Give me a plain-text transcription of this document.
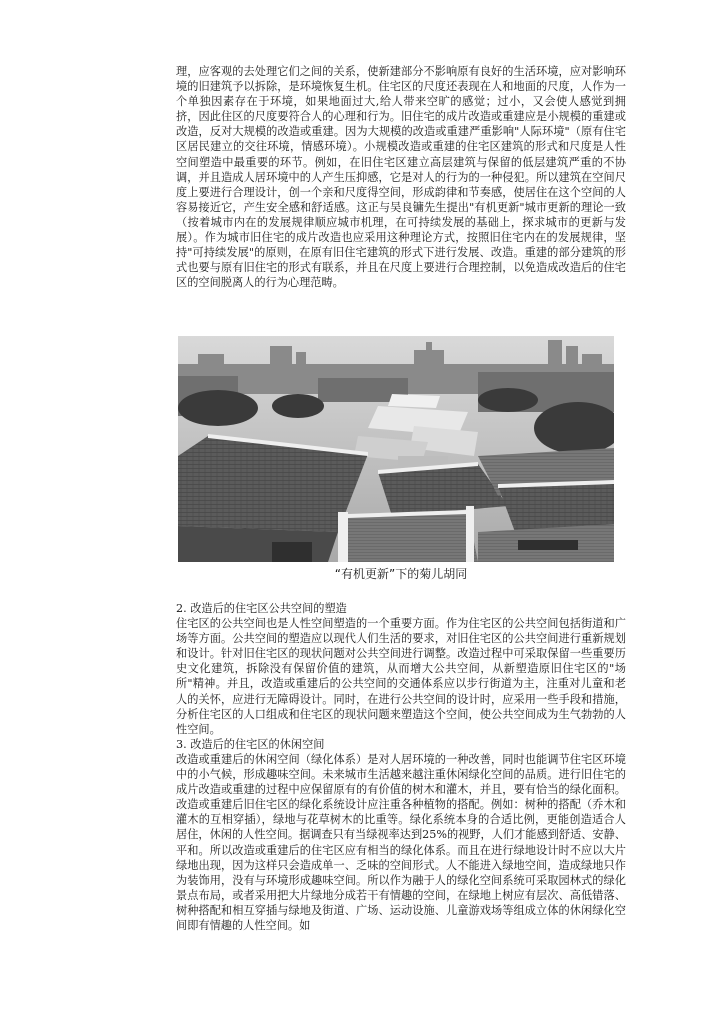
理，应客观的去处理它们之间的关系，使新建部分不影响原有良好的生活环境，应对影响环境的旧建筑予以拆除，是环境恢复生机。住宅区的尺度还表现在人和地面的尺度，人作为一个单独因素存在于环境，如果地面过大,给人带来空旷的感觉；过小，又会使人感觉到拥挤，因此住区的尺度要符合人的心理和行为。旧住宅的成片改造或重建应是小规模的重建或改造，反对大规模的改造或重建。因为大规模的改造或重建严重影响"人际环境"（原有住宅区居民建立的交往环境，情感环境）。小规模改造或重建的住宅区建筑的形式和尺度是人性空间塑造中最重要的环节。例如，在旧住宅区建立高层建筑与保留的低层建筑严重的不协调，并且造成人居环境中的人产生压抑感，它是对人的行为的一种侵犯。所以建筑在空间尺度上要进行合理设计，创一个亲和尺度得空间，形成韵律和节奏感，使居住在这个空间的人容易接近它，产生安全感和舒适感。这正与吴良镛先生提出"有机更新"城市更新的理论一致（按着城市内在的发展规律顺应城市机理，在可持续发展的基础上，探求城市的更新与发展）。作为城市旧住宅的成片改造也应采用这种理论方式，按照旧住宅内在的发展规律，坚持"可持续发展"的原则，在原有旧住宅建筑的形式下进行发展、改造。重建的部分建筑的形式也要与原有旧住宅的形式有联系，并且在尺度上要进行合理控制，以免造成改造后的住宅区的空间脱离人的行为心理范畴。

“有机更新”下的菊儿胡同

2. 改造后的住宅区公共空间的塑造

住宅区的公共空间也是人性空间塑造的一个重要方面。作为住宅区的公共空间包括街道和广场等方面。公共空间的塑造应以现代人们生活的要求，对旧住宅区的公共空间进行重新规划和设计。针对旧住宅区的现状问题对公共空间进行调整。改造过程中可采取保留一些重要历史文化建筑，拆除没有保留价值的建筑，从而增大公共空间，从新塑造原旧住宅区的"场所"精神。并且，改造或重建后的公共空间的交通体系应以步行街道为主，注重对儿童和老人的关怀，应进行无障碍设计。同时，在进行公共空间的设计时，应采用一些手段和措施，分析住宅区的人口组成和住宅区的现状问题来塑造这个空间，使公共空间成为生气勃勃的人性空间。

3. 改造后的住宅区的休闲空间

改造或重建后的休闲空间（绿化体系）是对人居环境的一种改善，同时也能调节住宅区环境中的小气候，形成趣味空间。未来城市生活越来越注重休闲绿化空间的品质。进行旧住宅的成片改造或重建的过程中应保留原有的有价值的树木和灌木，并且，要有恰当的绿化面积。改造或重建后旧住宅区的绿化系统设计应注重各种植物的搭配。例如：树种的搭配（乔木和灌木的互相穿插），绿地与花草树木的比重等。绿化系统本身的合适比例，更能创造适合人居住，休闲的人性空间。据调查只有当绿视率达到25%的视野，人们才能感到舒适、安静、平和。所以改造或重建后的住宅区应有相当的绿化体系。而且在进行绿地设计时不应以大片绿地出现，因为这样只会造成单一、乏味的空间形式。人不能进入绿地空间，造成绿地只作为装饰用，没有与环境形成趣味空间。所以作为融于人的绿化空间系统可采取园林式的绿化景点布局，或者采用把大片绿地分成若干有情趣的空间，在绿地上树应有层次、高低错落、树种搭配和相互穿插与绿地及街道、广场、运动设施、儿童游戏场等组成立体的休闲绿化空间即有情趣的人性空间。如
